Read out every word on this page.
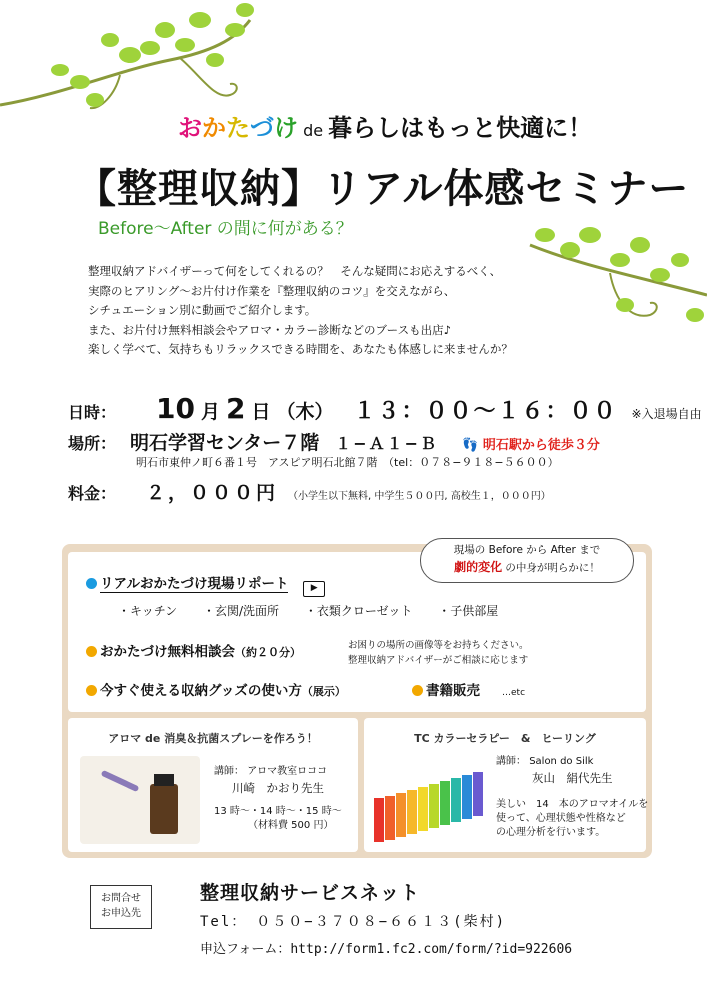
おかたづけ de 暮らしはもっと快適に！
【整理収納】リアル体感セミナー
Before～After の間に何がある？
整理収納アドバイザーって何をしてくれるの？　そんな疑問にお応えするべく、
実際のヒアリング～お片付け作業を『整理収納のコツ』を交えながら、
シチュエーション別に動画でご紹介します。
また、お片付け無料相談会やアロマ・カラー診断などのブースも出店♪
楽しく学べて、気持ちもリラックスできる時間を、あなたも体感しに来ませんか？
日時： 10 月 2 日 （木） １３：００～１６：００ ※入退場自由
場所： 明石学習センター７階 １−Ａ１−Ｂ 👣 明石駅から徒歩３分
明石市東仲ノ町６番１号　アスピア明石北館７階　（tel：０７８−９１８−５６００）
料金： ２，０００円 （小学生以下無料, 中学生５００円, 高校生１，０００円）
現場の Before から After まで
劇的変化 の中身が明らかに！
リアルおかたづけ現場リポート ▶
・キッチン ・玄関/洗面所 ・衣類クローゼット ・子供部屋
おかたづけ無料相談会（約２０分）
お困りの場所の画像等をお持ちください。
整理収納アドバイザーがご相談に応じます
今すぐ使える収納グッズの使い方（展示）	書籍販売 …etc
アロマ de 消臭＆抗菌スプレーを作ろう！
講師： アロマ教室ロココ
川崎　かおり先生
13 時～・14 時～・15 時～
（材料費 500 円）
TC カラーセラピー　&　ヒーリング
講師： Salon do Silk
灰山　絹代先生
美しい　14　本のアロマオイルを
使って、心理状態や性格など
の心理分析を行います。
お問合せ
お申込先
整理収納サービスネット
Tel：　０５０−３７０８−６６１３(柴村)
申込フォーム：http://form1.fc2.com/form/?id=922606
